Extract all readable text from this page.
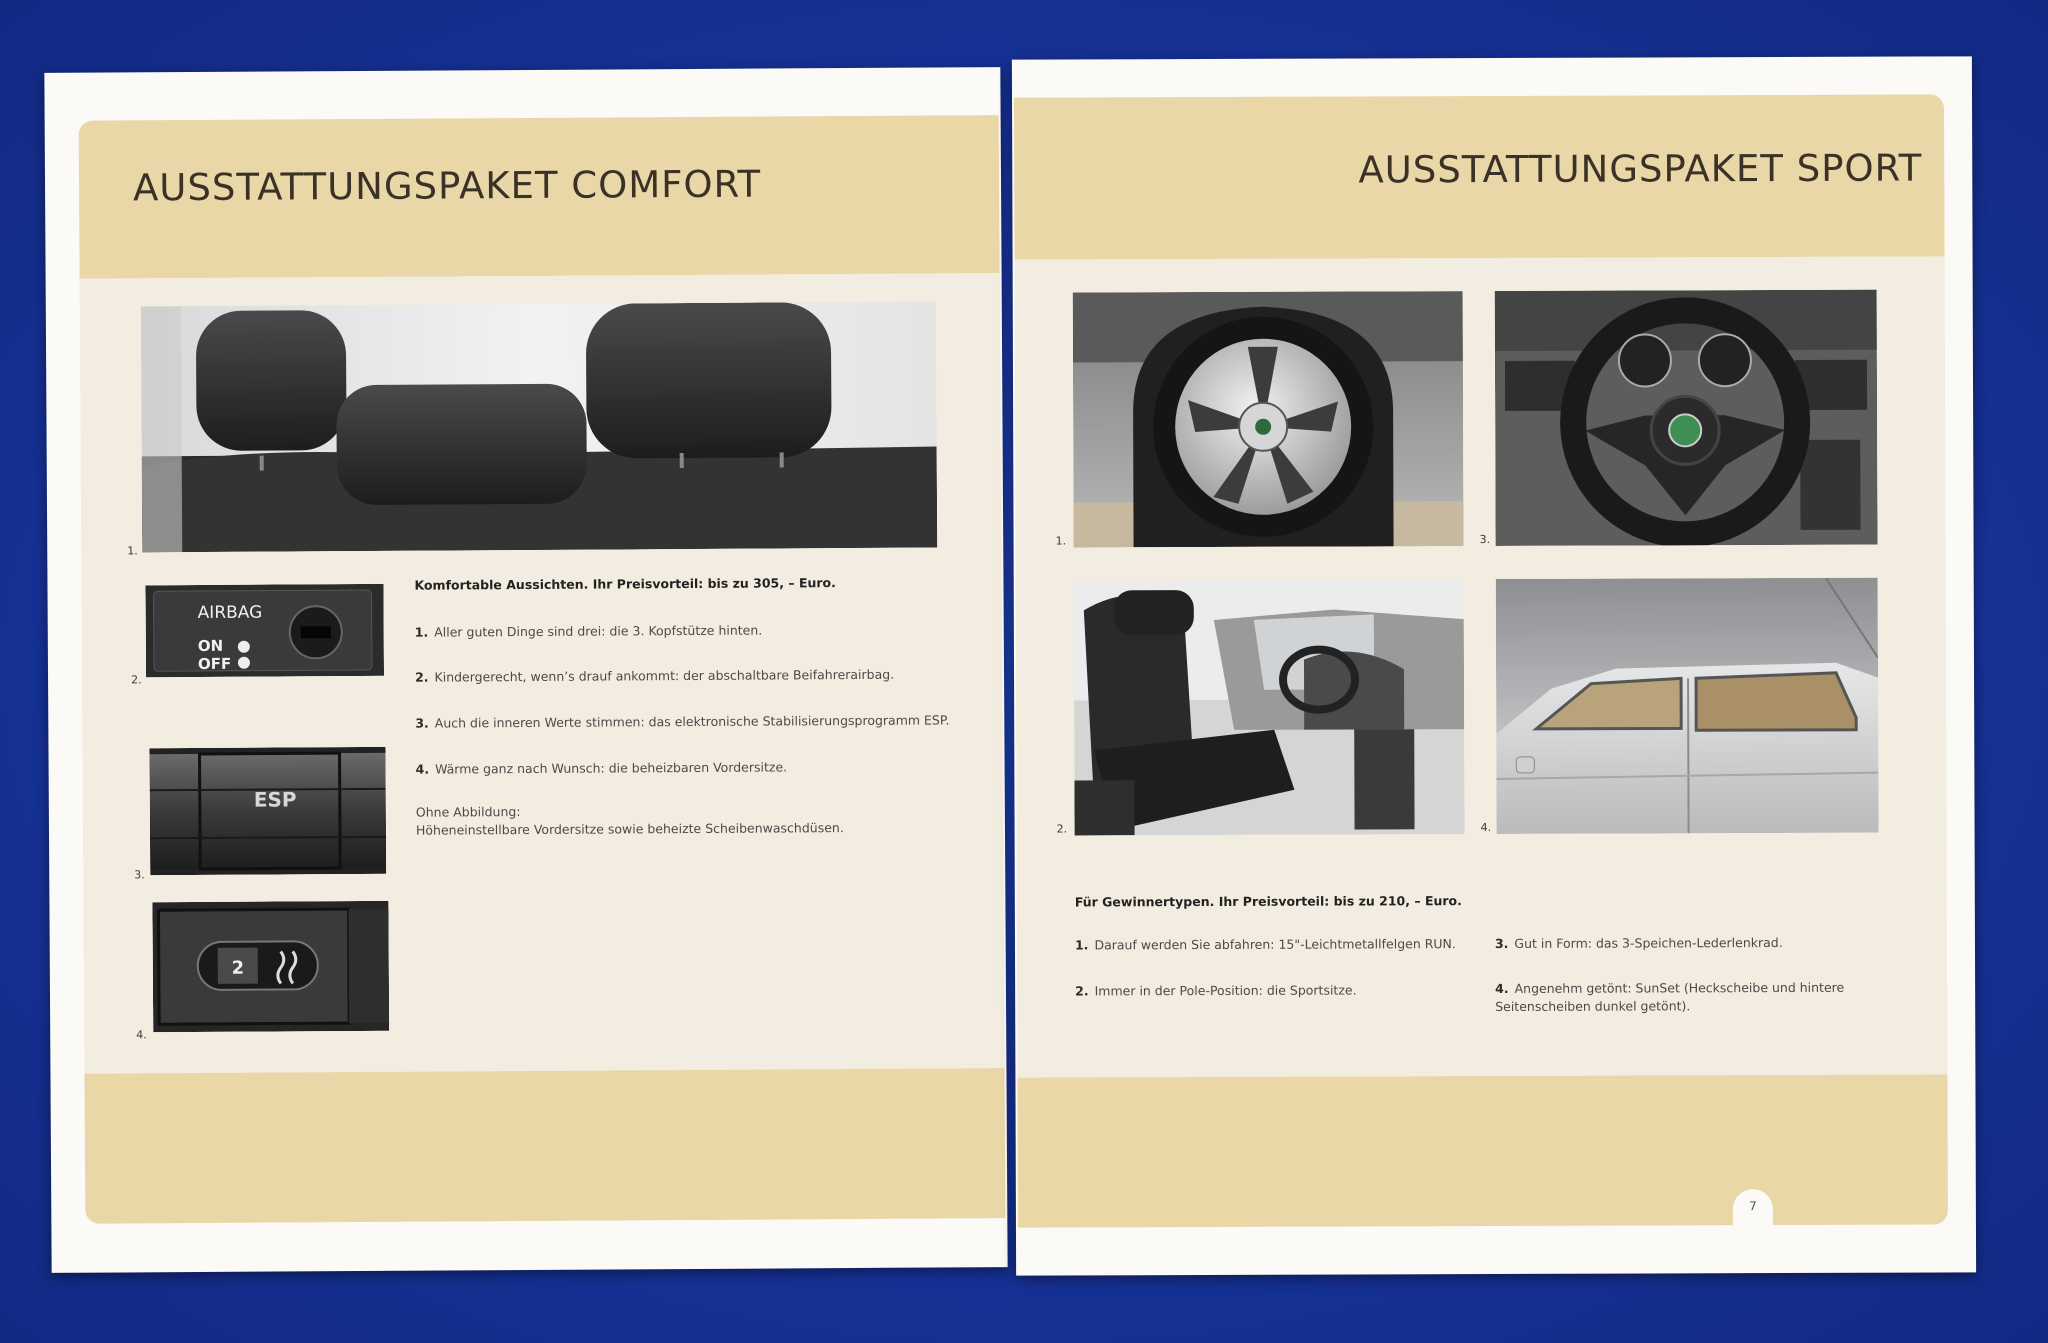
AUSSTATTUNGSPAKET COMFORT
1.
AIRBAG
ON
OFF
2.
ESP
3.
2
4.
Komfortable Aussichten. Ihr Preisvorteil: bis zu 305, – Euro.
1. Aller guten Dinge sind drei: die 3. Kopfstütze hinten.
2. Kindergerecht, wenn’s drauf ankommt: der abschaltbare Beifahrerairbag.
3. Auch die inneren Werte stimmen: das elektronische Stabilisierungsprogramm ESP.
4. Wärme ganz nach Wunsch: die beheizbaren Vordersitze.
Ohne Abbildung:
Höheneinstellbare Vordersitze sowie beheizte Scheibenwaschdüsen.
AUSSTATTUNGSPAKET SPORT
1.	3.
2.	4.
Für Gewinnertypen. Ihr Preisvorteil: bis zu 210, – Euro.
1. Darauf werden Sie abfahren: 15"-Leichtmetallfelgen RUN.
2. Immer in der Pole-Position: die Sportsitze.
3. Gut in Form: das 3-Speichen-Lederlenkrad.
4. Angenehm getönt: SunSet (Heckscheibe und hintere Seitenscheiben dunkel getönt).
7
